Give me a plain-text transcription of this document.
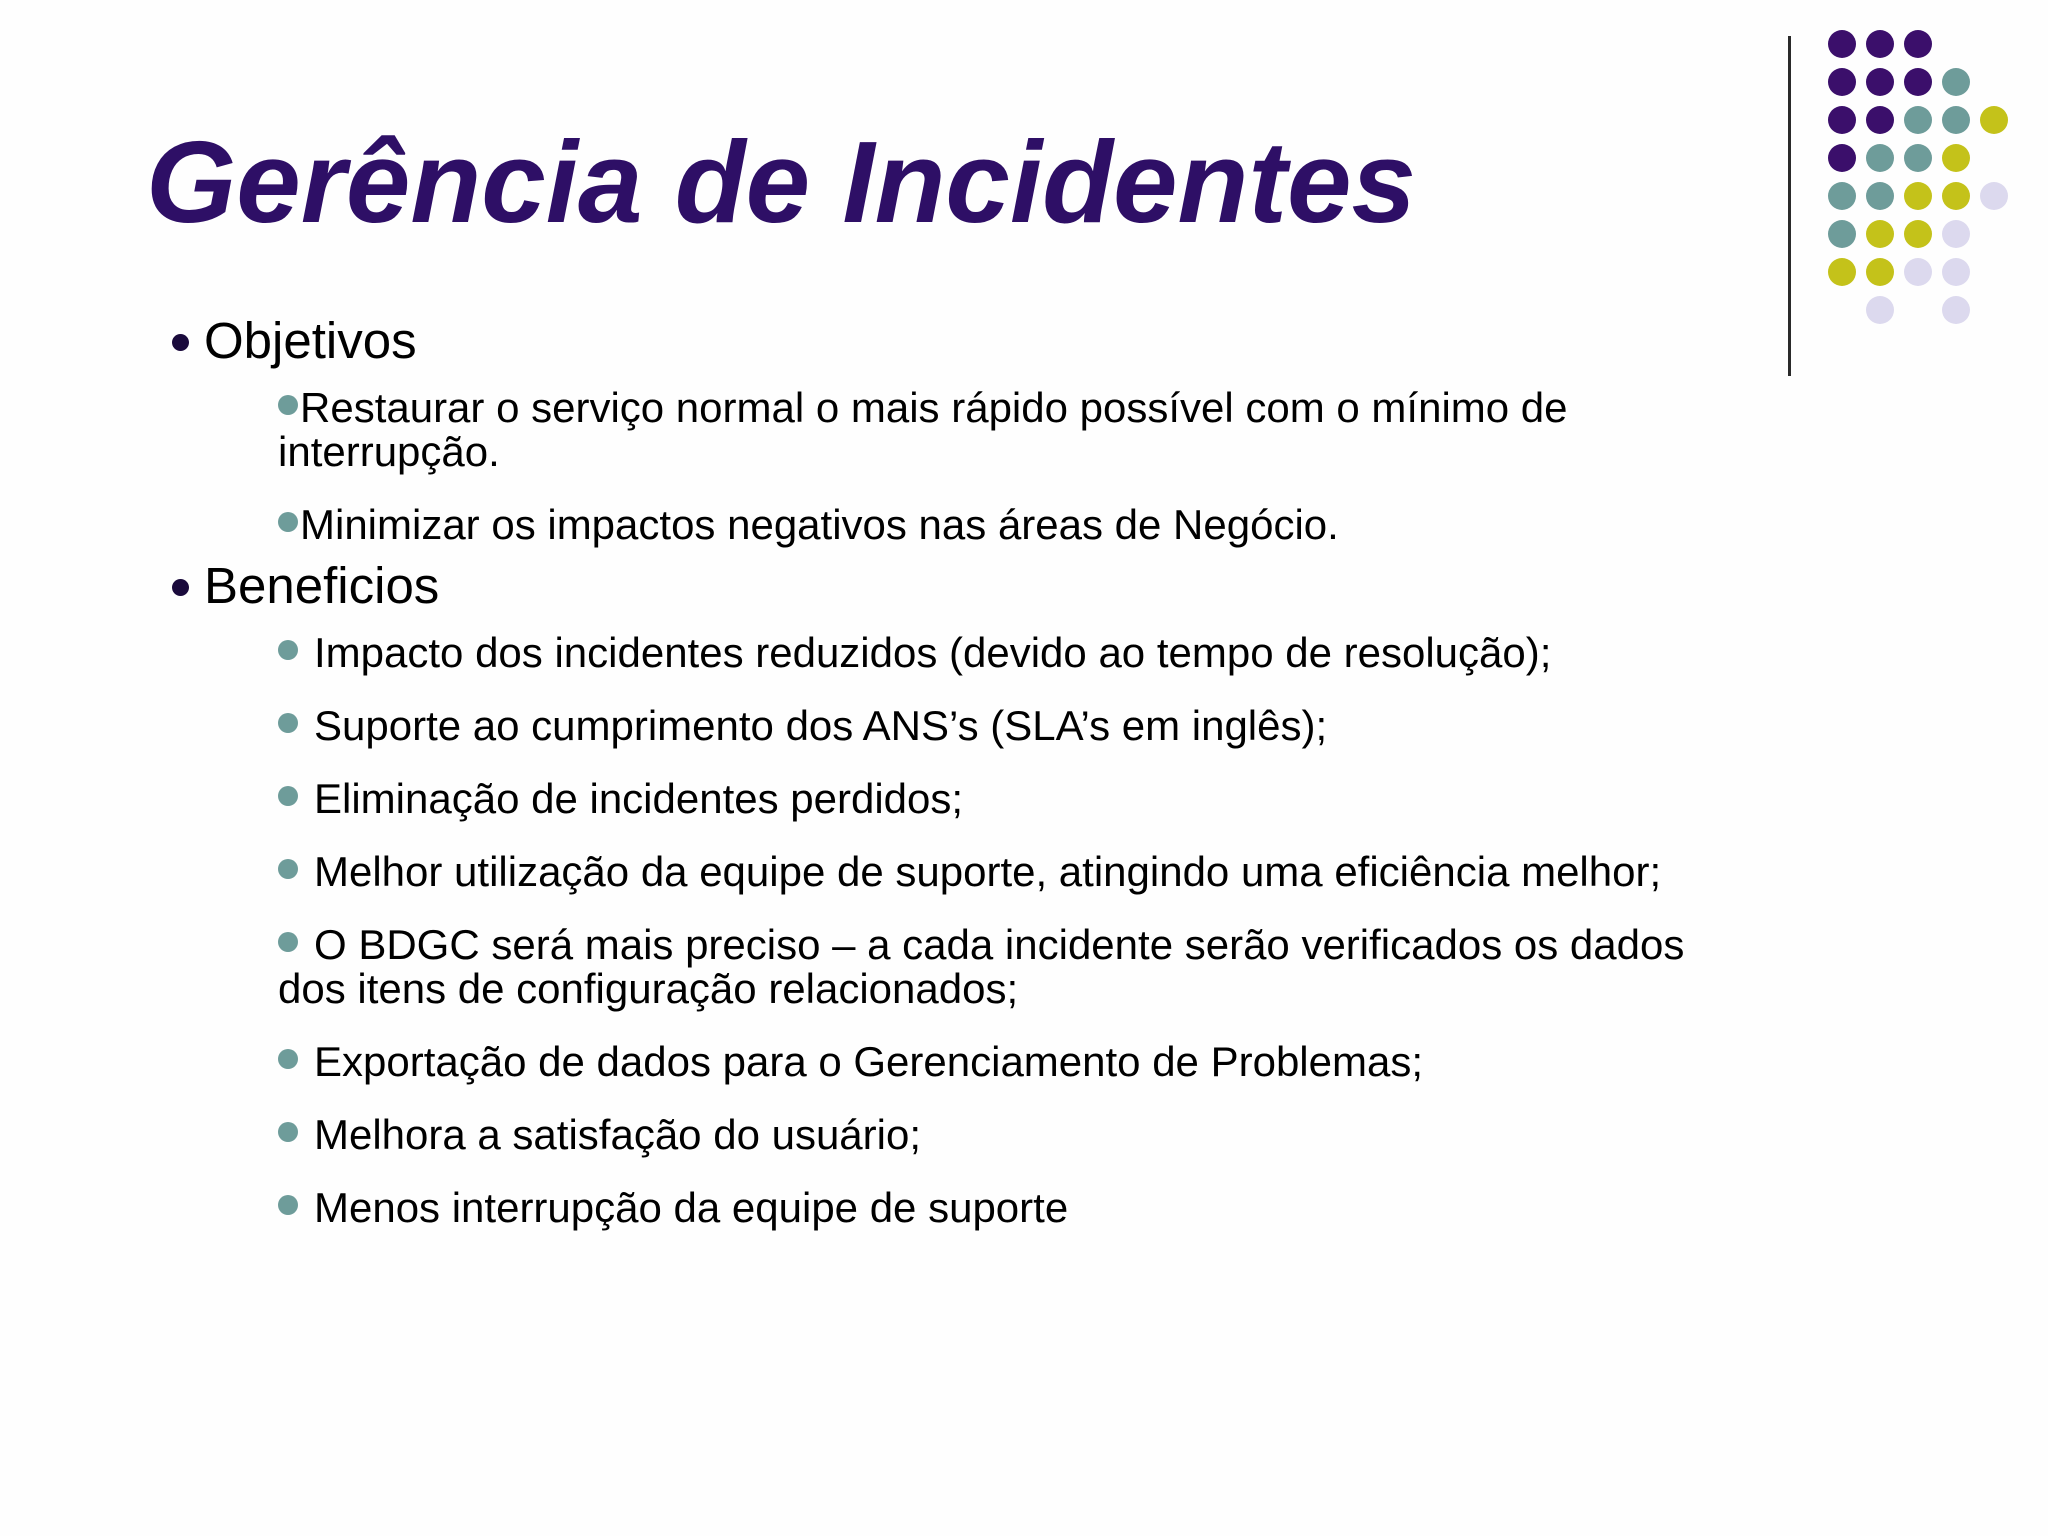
Gerência de Incidentes

Objetivos

Restaurar o serviço normal o mais rápido possível com o mínimo de interrupção.

Minimizar os impactos negativos nas áreas de Negócio.

Beneficios

Impacto dos incidentes reduzidos (devido ao tempo de resolução);

Suporte ao cumprimento dos ANS’s (SLA’s em inglês);

Eliminação de incidentes perdidos;

Melhor utilização da equipe de suporte, atingindo uma eficiência melhor;

O BDGC será mais preciso – a cada incidente serão verificados os dados dos itens de configuração relacionados;

Exportação de dados para o Gerenciamento de Problemas;

Melhora a satisfação do usuário;

Menos interrupção da equipe de suporte
